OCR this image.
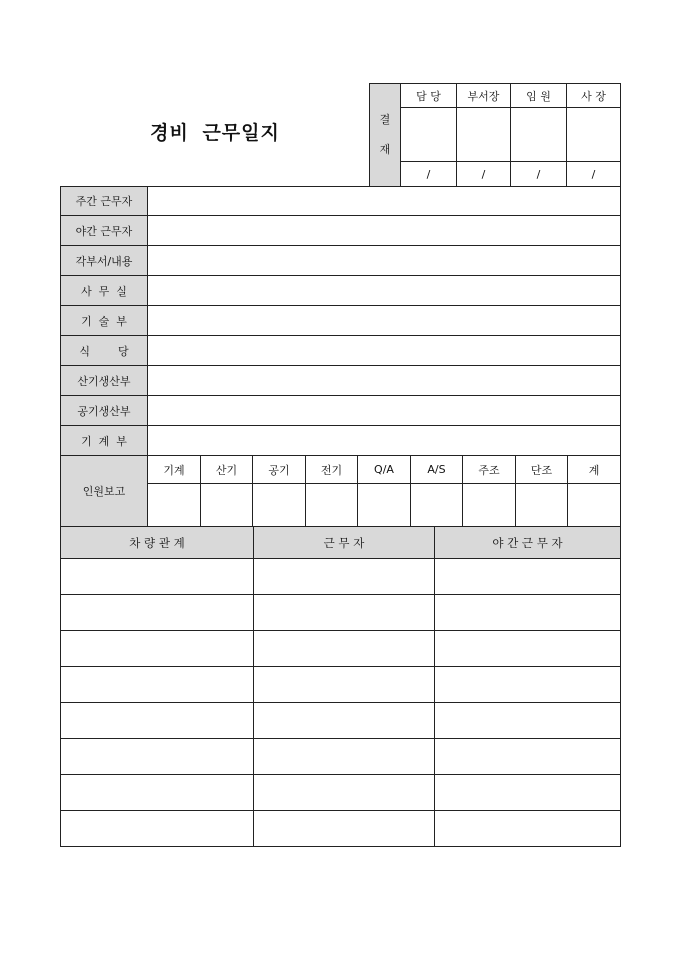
경비 근무일지
결
재	담 당	부서장	임 원	사 장

	/	/	/	/
주간 근무자									
야간 근무자									
각부서/내용									
사  무  실									
기  술  부									
식        당									
산기생산부									
공기생산부									
기  계  부									
인원보고	기계	산기	공기	전기	Q/A	A/S	주조	단조	계

차 량 관 계	근 무 자	야 간 근 무 자
